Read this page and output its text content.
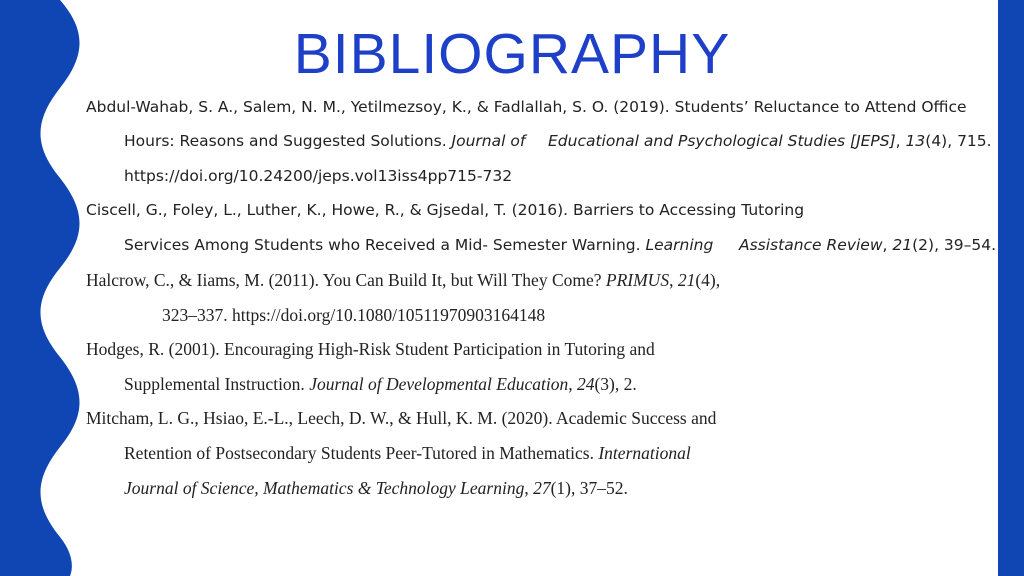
BIBLIOGRAPHY
Abdul-Wahab, S. A., Salem, N. M., Yetilmezsoy, K., & Fadlallah, S. O. (2019). Students’ Reluctance to Attend Office
Hours: Reasons and Suggested Solutions. Journal of Educational and Psychological Studies [JEPS], 13(4), 715.
https://doi.org/10.24200/jeps.vol13iss4pp715-732
Ciscell, G., Foley, L., Luther, K., Howe, R., & Gjsedal, T. (2016). Barriers to Accessing Tutoring
Services Among Students who Received a Mid- Semester Warning. Learning Assistance Review, 21(2), 39–54.
Halcrow, C., & Iiams, M. (2011). You Can Build It, but Will They Come? PRIMUS, 21(4),
323–337. https://doi.org/10.1080/10511970903164148
Hodges, R. (2001). Encouraging High-Risk Student Participation in Tutoring and
Supplemental Instruction. Journal of Developmental Education, 24(3), 2.
Mitcham, L. G., Hsiao, E.-L., Leech, D. W., & Hull, K. M. (2020). Academic Success and
Retention of Postsecondary Students Peer-Tutored in Mathematics. International
Journal of Science, Mathematics & Technology Learning, 27(1), 37–52.
